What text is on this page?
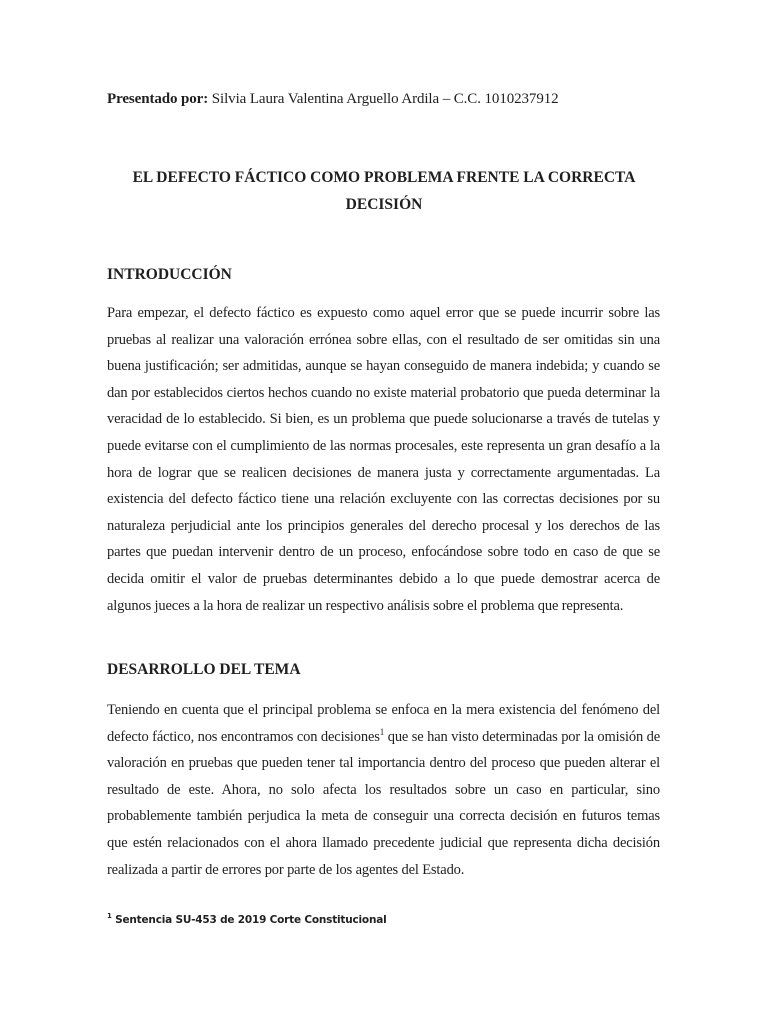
Presentado por: Silvia Laura Valentina Arguello Ardila – C.C. 1010237912
EL DEFECTO FÁCTICO COMO PROBLEMA FRENTE LA CORRECTA DECISIÓN
INTRODUCCIÓN
Para empezar, el defecto fáctico es expuesto como aquel error que se puede incurrir sobre las pruebas al realizar una valoración errónea sobre ellas, con el resultado de ser omitidas sin una buena justificación; ser admitidas, aunque se hayan conseguido de manera indebida; y cuando se dan por establecidos ciertos hechos cuando no existe material probatorio que pueda determinar la veracidad de lo establecido. Si bien, es un problema que puede solucionarse a través de tutelas y puede evitarse con el cumplimiento de las normas procesales, este representa un gran desafío a la hora de lograr que se realicen decisiones de manera justa y correctamente argumentadas. La existencia del defecto fáctico tiene una relación excluyente con las correctas decisiones por su naturaleza perjudicial ante los principios generales del derecho procesal y los derechos de las partes que puedan intervenir dentro de un proceso, enfocándose sobre todo en caso de que se decida omitir el valor de pruebas determinantes debido a lo que puede demostrar acerca de algunos jueces a la hora de realizar un respectivo análisis sobre el problema que representa.
DESARROLLO DEL TEMA
Teniendo en cuenta que el principal problema se enfoca en la mera existencia del fenómeno del defecto fáctico, nos encontramos con decisiones$^1$ que se han visto determinadas por la omisión de valoración en pruebas que pueden tener tal importancia dentro del proceso que pueden alterar el resultado de este. Ahora, no solo afecta los resultados sobre un caso en particular, sino probablemente también perjudica la meta de conseguir una correcta decisión en futuros temas que estén relacionados con el ahora llamado precedente judicial que representa dicha decisión realizada a partir de errores por parte de los agentes del Estado.
$^1$ Sentencia SU-453 de 2019 Corte Constitucional
